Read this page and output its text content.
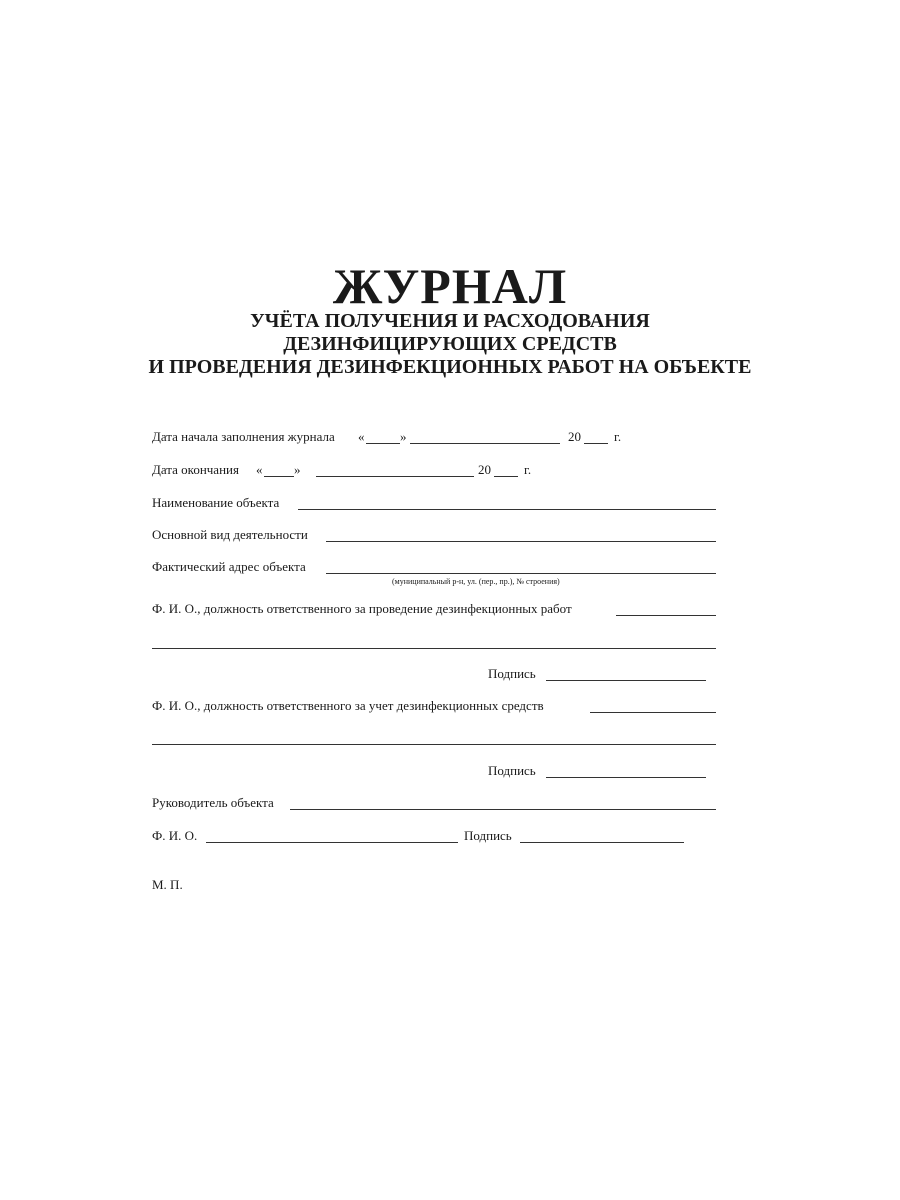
ЖУРНАЛ

УЧЁТА ПОЛУЧЕНИЯ И РАСХОДОВАНИЯ

ДЕЗИНФИЦИРУЮЩИХ СРЕДСТВ

И ПРОВЕДЕНИЯ ДЕЗИНФЕКЦИОННЫХ РАБОТ НА ОБЪЕКТЕ

Дата начала заполнения журнала «	»	20	г.
Дата окончания « »	20	г.
Наименование объекта
Основной вид деятельности
Фактический адрес объекта
(муниципальный р-н, ул. (пер., пр.), № строения)
Ф. И. О., должность ответственного за проведение дезинфекционных работ
Подпись
Ф. И. О., должность ответственного за учет дезинфекционных средств
Подпись
Руководитель объекта
Ф. И. О.	Подпись
М. П.
